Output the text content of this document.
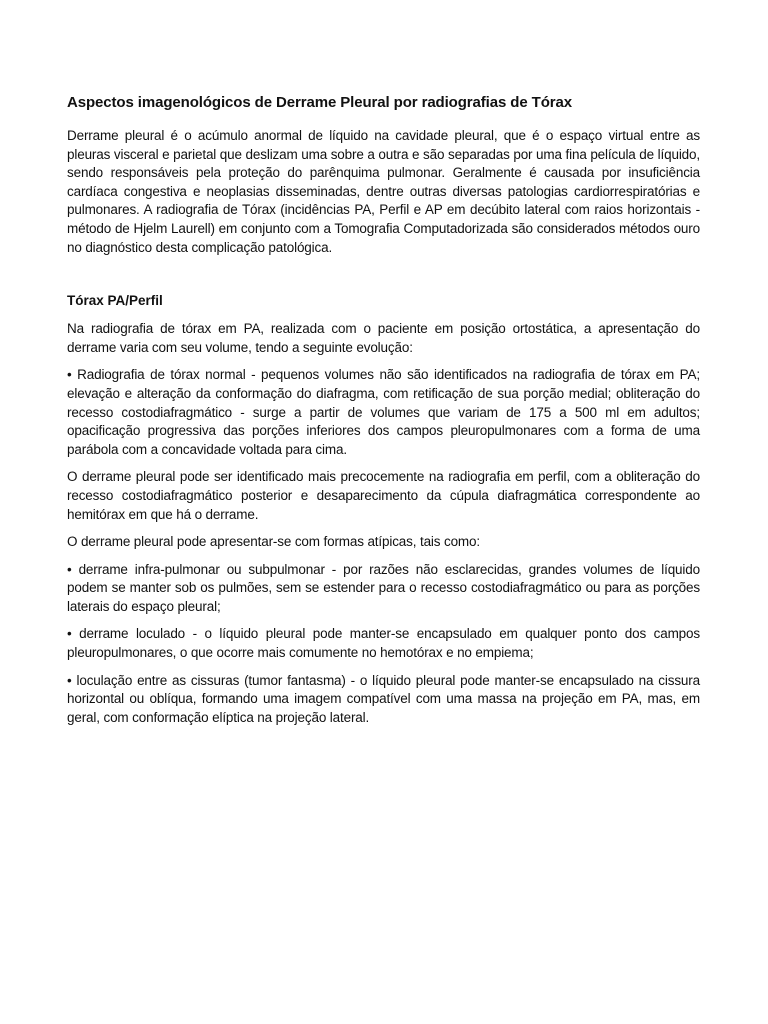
Aspectos imagenológicos de Derrame Pleural por radiografias de Tórax

Derrame pleural é o acúmulo anormal de líquido na cavidade pleural, que é o espaço virtual entre as pleuras visceral e parietal que deslizam uma sobre a outra e são separadas por uma fina película de líquido, sendo responsáveis pela proteção do parênquima pulmonar. Geralmente é causada por insuficiência cardíaca congestiva e neoplasias disseminadas, dentre outras diversas patologias cardiorrespiratórias e pulmonares. A radiografia de Tórax (incidências PA, Perfil e AP em decúbito lateral com raios horizontais - método de Hjelm Laurell) em conjunto com a Tomografia Computadorizada são considerados métodos ouro no diagnóstico desta complicação patológica.

Tórax PA/Perfil

Na radiografia de tórax em PA, realizada com o paciente em posição ortostática, a apresentação do derrame varia com seu volume, tendo a seguinte evolução:

• Radiografia de tórax normal - pequenos volumes não são identificados na radiografia de tórax em PA; elevação e alteração da conformação do diafragma, com retificação de sua porção medial; obliteração do recesso costodiafragmático - surge a partir de volumes que variam de 175 a 500 ml em adultos; opacificação progressiva das porções inferiores dos campos pleuropulmonares com a forma de uma parábola com a concavidade voltada para cima.

O derrame pleural pode ser identificado mais precocemente na radiografia em perfil, com a obliteração do recesso costodiafragmático posterior e desaparecimento da cúpula diafragmática correspondente ao hemitórax em que há o derrame.

O derrame pleural pode apresentar-se com formas atípicas, tais como:

• derrame infra-pulmonar ou subpulmonar - por razões não esclarecidas, grandes volumes de líquido podem se manter sob os pulmões, sem se estender para o recesso costodiafragmático ou para as porções laterais do espaço pleural;

• derrame loculado - o líquido pleural pode manter-se encapsulado em qualquer ponto dos campos pleuropulmonares, o que ocorre mais comumente no hemotórax e no empiema;

• loculação entre as cissuras (tumor fantasma) - o líquido pleural pode manter-se encapsulado na cissura horizontal ou oblíqua, formando uma imagem compatível com uma massa na projeção em PA, mas, em geral, com conformação elíptica na projeção lateral.
